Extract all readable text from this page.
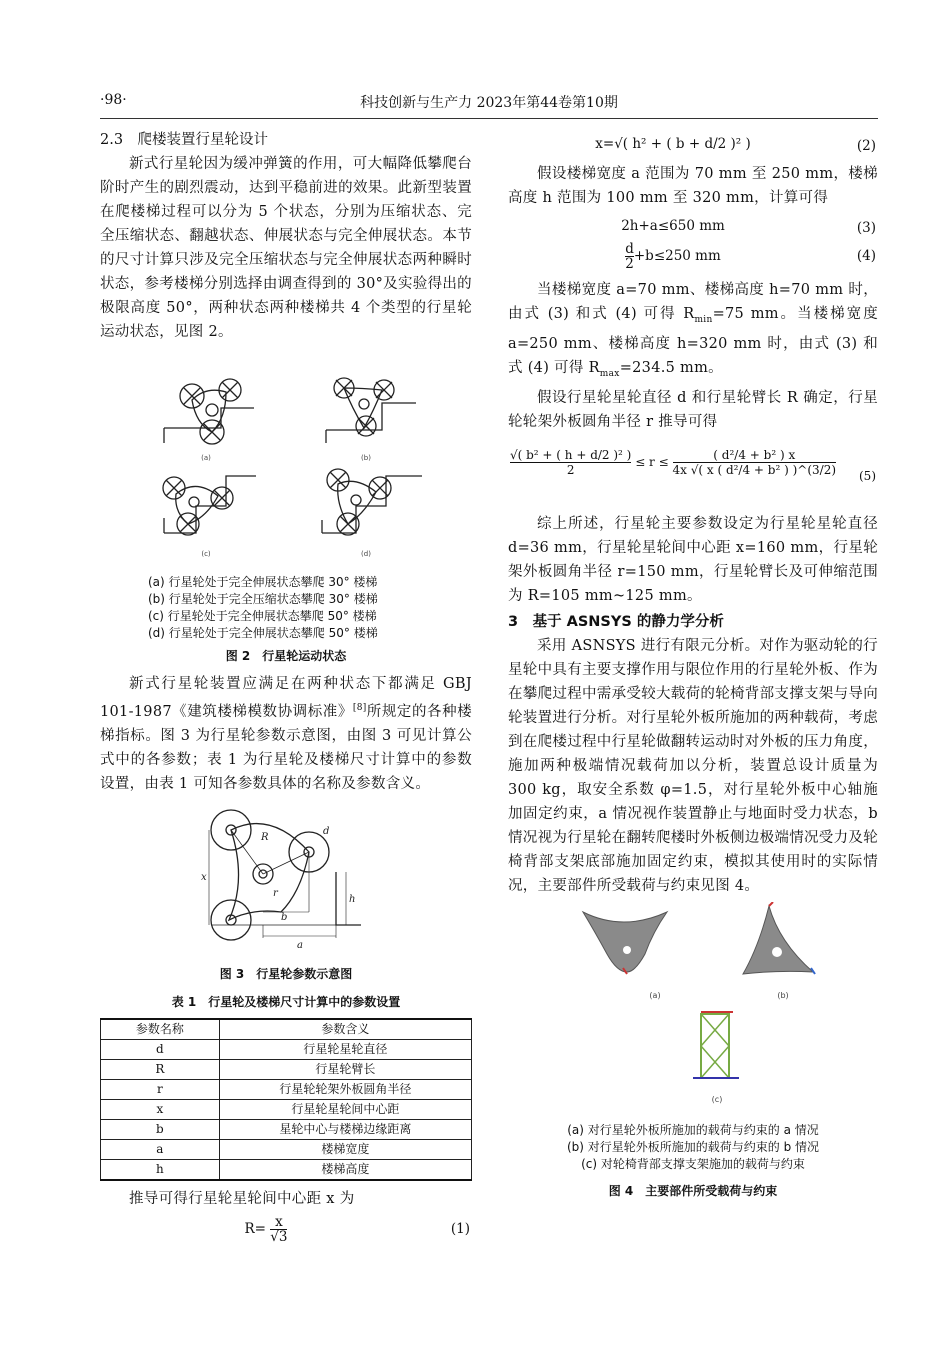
·98·	科技创新与生产力 2023年第44卷第10期

2.3　爬楼装置行星轮设计

新式行星轮因为缓冲弹簧的作用，可大幅降低攀爬台阶时产生的剧烈震动，达到平稳前进的效果。此新型装置在爬楼梯过程可以分为 5 个状态，分别为压缩状态、完全压缩状态、翻越状态、伸展状态与完全伸展状态。本节的尺寸计算只涉及完全压缩状态与完全伸展状态两种瞬时状态，参考楼梯分别选择由调查得到的 30°及实验得出的极限高度 50°，两种状态两种楼梯共 4 个类型的行星轮运动状态，见图 2。

(a)	(b)
(c)	(d)
(a) 行星轮处于完全伸展状态攀爬 30° 楼梯
(b) 行星轮处于完全压缩状态攀爬 30° 楼梯
(c) 行星轮处于完全伸展状态攀爬 50° 楼梯
(d) 行星轮处于完全伸展状态攀爬 50° 楼梯
图 2　行星轮运动状态

新式行星轮装置应满足在两种状态下都满足 GBJ 101-1987《建筑楼梯模数协调标准》[8]所规定的各种楼梯指标。图 3 为行星轮参数示意图，由图 3 可见计算公式中的各参数；表 1 为行星轮及楼梯尺寸计算中的参数设置，由表 1 可知各参数具体的名称及参数含义。

R
d
x
r
b
h
a
图 3　行星轮参数示意图
表 1　行星轮及楼梯尺寸计算中的参数设置
参数名称	参数含义
d	行星轮星轮直径
R	行星轮臂长
r	行星轮轮架外板圆角半径
x	行星轮星轮间中心距
b	星轮中心与楼梯边缘距离
a	楼梯宽度
h	楼梯高度

推导可得行星轮星轮间中心距 x 为

$R= \frac{x}{√3}$	(1)
x=√( h² + ( b + d/2 )² )	(2)

假设楼梯宽度 a 范围为 70 mm 至 250 mm，楼梯高度 h 范围为 100 mm 至 320 mm，计算可得

2h+a≤650 mm	(3)
$\frac{d}{2} +b\le 250$ mm	(4)

当楼梯宽度 a=70 mm、楼梯高度 h=70 mm 时，由式 (3) 和式 (4) 可得 $R_{min}=75$ mm。当楼梯宽度 a=250 mm、楼梯高度 h=320 mm 时，由式 (3) 和式 (4) 可得 $R_{max}=234.5$ mm。

假设行星轮星轮直径 d 和行星轮臂长 R 确定，行星轮轮架外板圆角半径 r 推导可得

$\frac{\text{√( b² + ( h + d/2 )² )}}{2} \le r \le \frac{\text{( d²/4 + b² ) x}}{\text{4x √( x ( d²/4 + b² ) )\textasciicircum{}(3/2)}} (5)$

综上所述，行星轮主要参数设定为行星轮星轮直径 d=36 mm，行星轮星轮间中心距 x=160 mm，行星轮架外板圆角半径 r=150 mm，行星轮臂长及可伸缩范围为 R=105 mm~125 mm。

3　基于 ASNSYS 的静力学分析

采用 ASNSYS 进行有限元分析。对作为驱动轮的行星轮中具有主要支撑作用与限位作用的行星轮外板、作为在攀爬过程中需承受较大载荷的轮椅背部支撑支架与导向轮装置进行分析。对行星轮外板所施加的两种载荷，考虑到在爬楼过程中行星轮做翻转运动时对外板的压力角度，施加两种极端情况载荷加以分析，装置总设计质量为 300 kg，取安全系数 φ=1.5，对行星轮外板中心轴施加固定约束，a 情况视作装置静止与地面时受力状态，b 情况视为行星轮在翻转爬楼时外板侧边极端情况受力及轮椅背部支架底部施加固定约束，模拟其使用时的实际情况，主要部件所受载荷与约束见图 4。

(a)	(b)
(c)
(a) 对行星轮外板所施加的载荷与约束的 a 情况
(b) 对行星轮外板所施加的载荷与约束的 b 情况
(c) 对轮椅背部支撑支架施加的载荷与约束
图 4　主要部件所受载荷与约束
